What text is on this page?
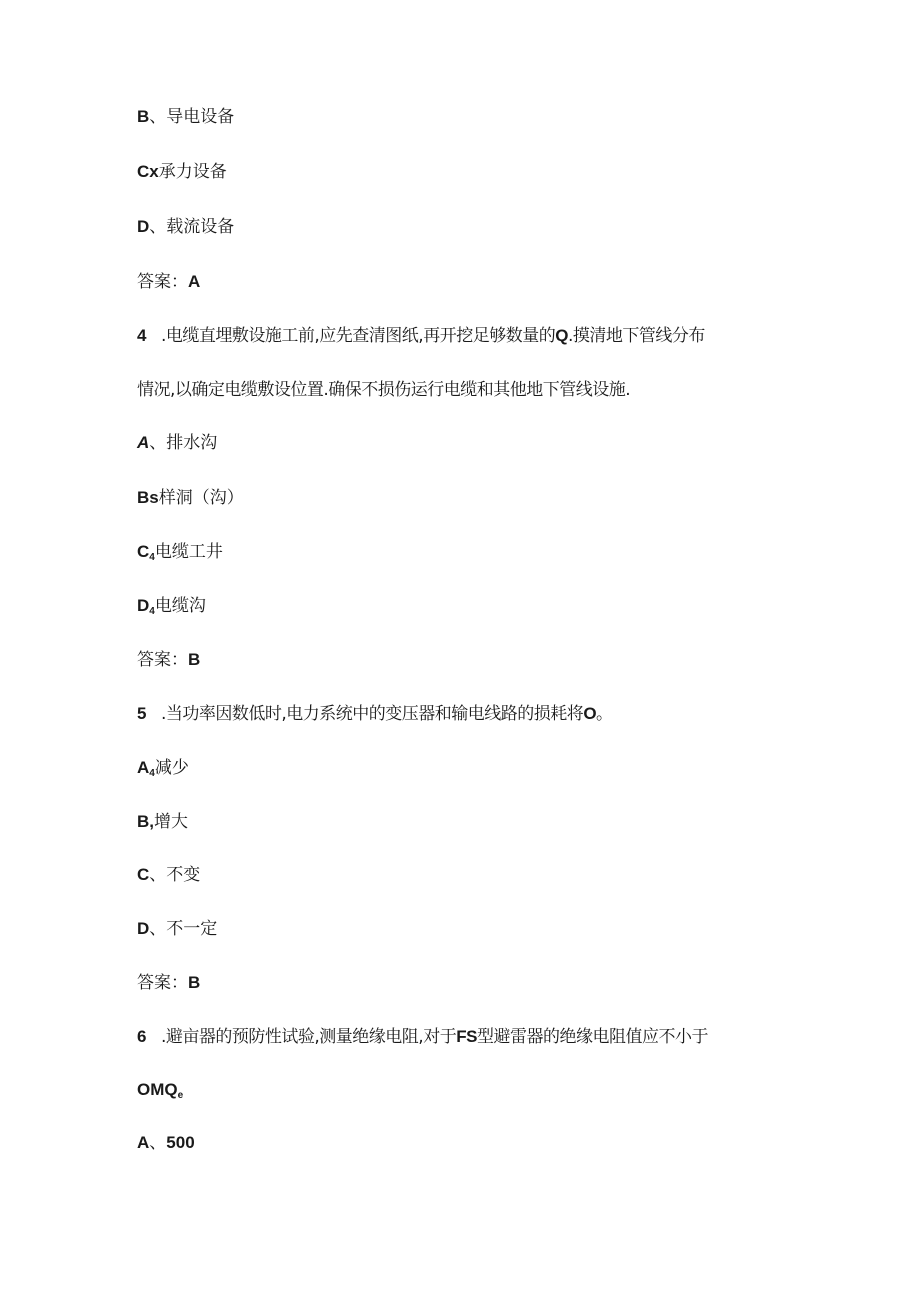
B、导电设备
Cx承力设备
D、载流设备
答案：A
4 .电缆直埋敷设施工前,应先查清图纸,再开挖足够数量的Q.摸清地下管线分布
情况,以确定电缆敷设位置.确保不损伤运行电缆和其他地下管线设施.
A、排水沟
Bs样洞（沟）
$C_4$电缆工井
$D_4$电缆沟
答案：B
5 .当功率因数低时,电力系统中的变压器和输电线路的损耗将O。
$A_4$减少
B,增大
C、不变
D、不一定
答案：B
6 .避亩器的预防性试验,测量绝缘电阻,对于FS型避雷器的绝缘电阻值应不小于
$OMQ_e$
A、500
